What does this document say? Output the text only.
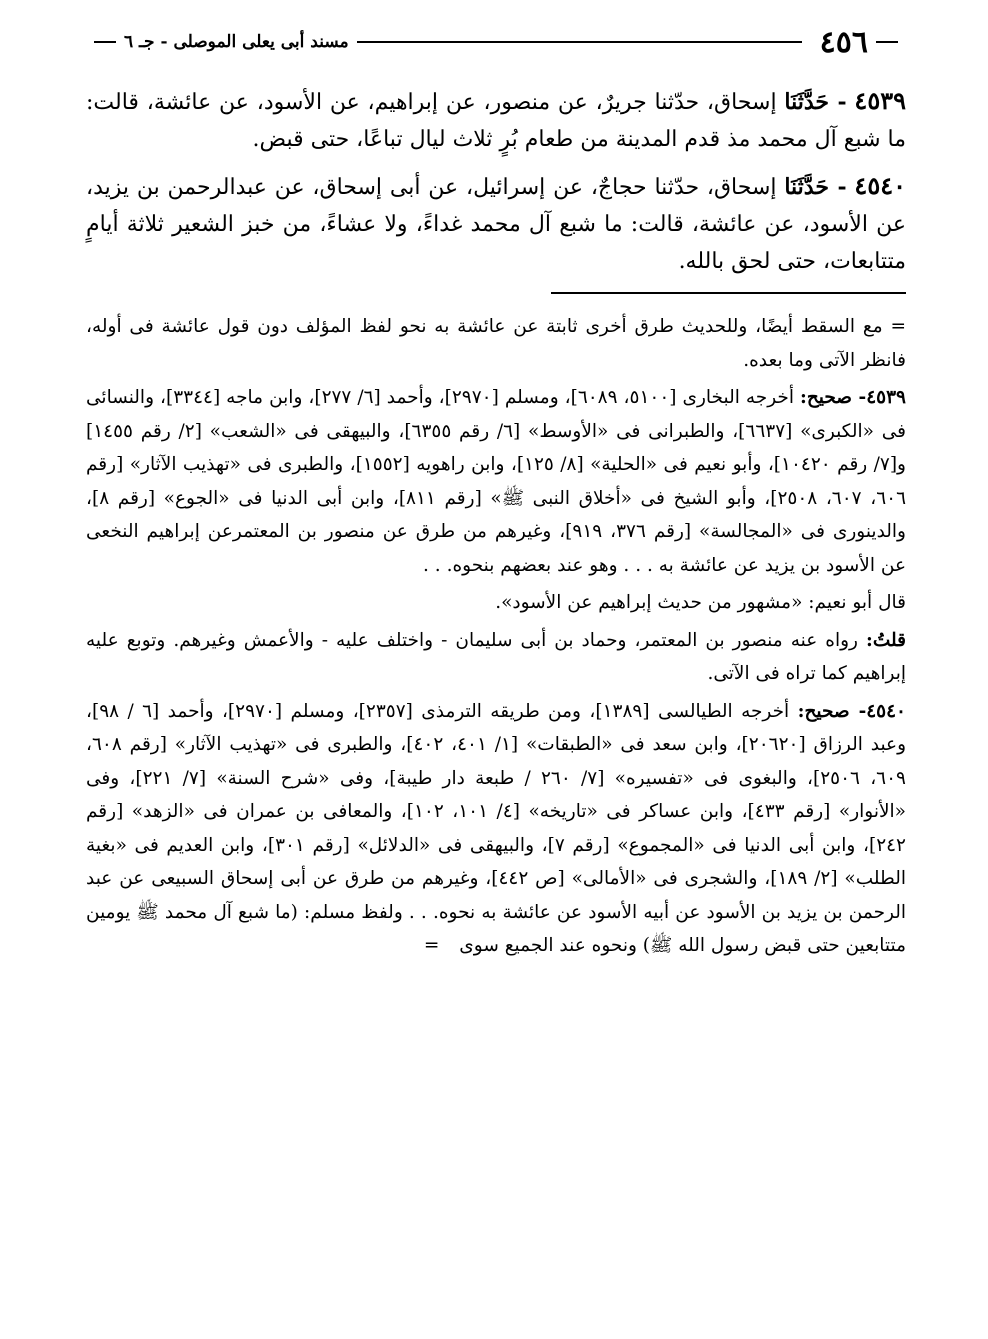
٤٥٦
مسند أبى يعلى الموصلى - جـ ٦

٤٥٣٩ - حَدَّثَنَا إسحاق، حدّثنا جريرٌ، عن منصور، عن إبراهيم، عن الأسود، عن عائشة، قالت: ما شبع آل محمد مذ قدم المدينة من طعام بُرٍ ثلاث ليال تباعًا، حتى قبض.

٤٥٤٠ - حَدَّثَنَا إسحاق، حدّثنا حجاجٌ، عن إسرائيل، عن أبى إسحاق، عن عبدالرحمن بن يزيد، عن الأسود، عن عائشة، قالت: ما شبع آل محمد غداءً، ولا عشاءً، من خبز الشعير ثلاثة أيامٍ متتابعات، حتى لحق بالله.

= مع السقط أيضًا، وللحديث طرق أخرى ثابتة عن عائشة به نحو لفظ المؤلف دون قول عائشة فى أوله، فانظر الآتى وما بعده.

٤٥٣٩- صحيح: أخرجه البخارى [٥١٠٠، ٦٠٨٩]، ومسلم [٢٩٧٠]، وأحمد [٦/ ٢٧٧]، وابن ماجه [٣٣٤٤]، والنسائى فى «الكبرى» [٦٦٣٧]، والطبرانى فى «الأوسط» [٦/ رقم ٦٣٥٥]، والبيهقى فى «الشعب» [٢/ رقم ١٤٥٥] و[٧/ رقم ١٠٤٢٠]، وأبو نعيم فى «الحلية» [٨/ ١٢٥]، وابن راهويه [١٥٥٢]، والطبرى فى «تهذيب الآثار» [رقم ٦٠٦، ٦٠٧، ٢٥٠٨]، وأبو الشيخ فى «أخلاق النبى ﷺ» [رقم ٨١١]، وابن أبى الدنيا فى «الجوع» [رقم ٨]، والدينورى فى «المجالسة» [رقم ٣٧٦، ٩١٩]، وغيرهم من طرق عن منصور بن المعتمرعن إبراهيم النخعى عن الأسود بن يزيد عن عائشة به . . . وهو عند بعضهم بنحوه. . .

قال أبو نعيم: «مشهور من حديث إبراهيم عن الأسود».

قلتُ: رواه عنه منصور بن المعتمر، وحماد بن أبى سليمان - واختلف عليه - والأعمش وغيرهم. وتوبع عليه إبراهيم كما تراه فى الآتى.

٤٥٤٠- صحيح: أخرجه الطيالسى [١٣٨٩]، ومن طريقه الترمذى [٢٣٥٧]، ومسلم [٢٩٧٠]، وأحمد [٦ / ٩٨]، وعبد الرزاق [٢٠٦٢٠]، وابن سعد فى «الطبقات» [١/ ٤٠١، ٤٠٢]، والطبرى فى «تهذيب الآثار» [رقم ٦٠٨، ٦٠٩، ٢٥٠٦]، والبغوى فى «تفسيره» [٧/ ٢٦٠ / طبعة دار طيبة]، وفى «شرح السنة» [٧/ ٢٢١]، وفى «الأنوار» [رقم ٤٣٣]، وابن عساكر فى «تاريخه» [٤/ ١٠١، ١٠٢]، والمعافى بن عمران فى «الزهد» [رقم ٢٤٢]، وابن أبى الدنيا فى «المجموع» [رقم ٧]، والبيهقى فى «الدلائل» [رقم ٣٠١]، وابن العديم فى «بغية الطلب» [٢/ ١٨٩]، والشجرى فى «الأمالى» [ص ٤٤٢]، وغيرهم من طرق عن أبى إسحاق السبيعى عن عبد الرحمن بن يزيد بن الأسود عن أبيه الأسود عن عائشة به نحوه. . . ولفظ مسلم: (ما شبع آل محمد ﷺ يومين متتابعين حتى قبض رسول الله ﷺ) ونحوه عند الجميع سوى =
